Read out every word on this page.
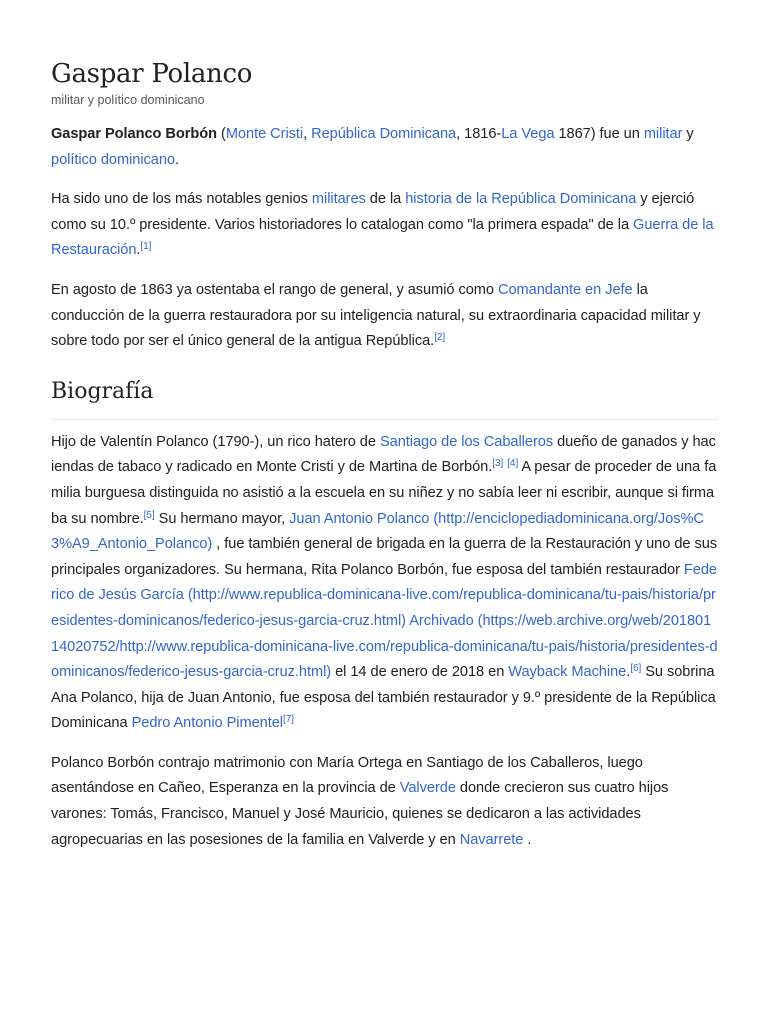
Gaspar Polanco
militar y político dominicano

Gaspar Polanco Borbón (Monte Cristi, República Dominicana, 1816-La Vega 1867) fue un militar y político dominicano.

Ha sido uno de los más notables genios militares de la historia de la República Dominicana y ejerció como su 10.º presidente. Varios historiadores lo catalogan como "la primera espada" de la Guerra de la Restauración.[1]

En agosto de 1863 ya ostentaba el rango de general, y asumió como Comandante en Jefe la conducción de la guerra restauradora por su inteligencia natural, su extraordinaria capacidad militar y sobre todo por ser el único general de la antigua República.[2]

Biografía

Hijo de Valentín Polanco (1790-), un rico hatero de Santiago de los Caballeros dueño de ganados y haciendas de tabaco y radicado en Monte Cristi y de Martina de Borbón.[3] [4] A pesar de proceder de una familia burguesa distinguida no asistió a la escuela en su niñez y no sabía leer ni escribir, aunque si firmaba su nombre.[5] Su hermano mayor, Juan Antonio Polanco (http://enciclopediadominicana.org/Jos%C3%A9_Antonio_Polanco) , fue también general de brigada en la guerra de la Restauración y uno de sus principales organizadores. Su hermana, Rita Polanco Borbón, fue esposa del también restaurador Federico de Jesús García (http://www.republica-dominicana-live.com/republica-dominicana/tu-pais/historia/presidentes-dominicanos/federico-jesus-garcia-cruz.html) Archivado (https://web.archive.org/web/20180114020752/http://www.republica-dominicana-live.com/republica-dominicana/tu-pais/historia/presidentes-dominicanos/federico-jesus-garcia-cruz.html) el 14 de enero de 2018 en Wayback Machine.[6] Su sobrina Ana Polanco, hija de Juan Antonio, fue esposa del también restaurador y 9.º presidente de la República Dominicana Pedro Antonio Pimentel[7]

Polanco Borbón contrajo matrimonio con María Ortega en Santiago de los Caballeros, luego asentándose en Cañeo, Esperanza en la provincia de Valverde donde crecieron sus cuatro hijos varones: Tomás, Francisco, Manuel y José Mauricio, quienes se dedicaron a las actividades agropecuarias en las posesiones de la familia en Valverde y en Navarrete .
